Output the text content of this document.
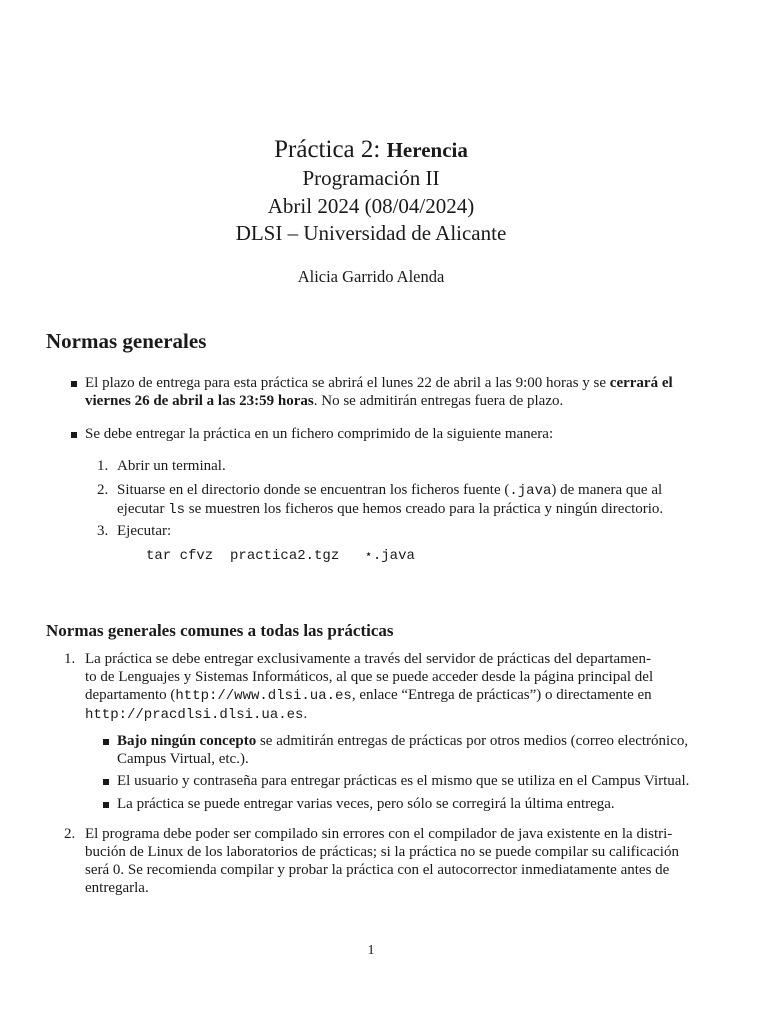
Práctica 2: Herencia
Programación II
Abril 2024 (08/04/2024)
DLSI – Universidad de Alicante
Alicia Garrido Alenda
Normas generales
El plazo de entrega para esta práctica se abrirá el lunes 22 de abril a las 9:00 horas y se cerrará el
viernes 26 de abril a las 23:59 horas. No se admitirán entregas fuera de plazo.
Se debe entregar la práctica en un fichero comprimido de la siguiente manera:
1. Abrir un terminal.
2. Situarse en el directorio donde se encuentran los ficheros fuente (.java) de manera que al
ejecutar ls se muestren los ficheros que hemos creado para la práctica y ningún directorio.
3. Ejecutar:
tar cfvz  practica2.tgz   ⋆.java
Normas generales comunes a todas las prácticas
1. La práctica se debe entregar exclusivamente a través del servidor de prácticas del departamen-
to de Lenguajes y Sistemas Informáticos, al que se puede acceder desde la página principal del
departamento (http://www.dlsi.ua.es, enlace “Entrega de prácticas”) o directamente en
http://pracdlsi.dlsi.ua.es.
Bajo ningún concepto se admitirán entregas de prácticas por otros medios (correo electrónico,
Campus Virtual, etc.).
El usuario y contraseña para entregar prácticas es el mismo que se utiliza en el Campus Virtual.
La práctica se puede entregar varias veces, pero sólo se corregirá la última entrega.
2. El programa debe poder ser compilado sin errores con el compilador de java existente en la distri-
bución de Linux de los laboratorios de prácticas; si la práctica no se puede compilar su calificación
será 0. Se recomienda compilar y probar la práctica con el autocorrector inmediatamente antes de
entregarla.
1
